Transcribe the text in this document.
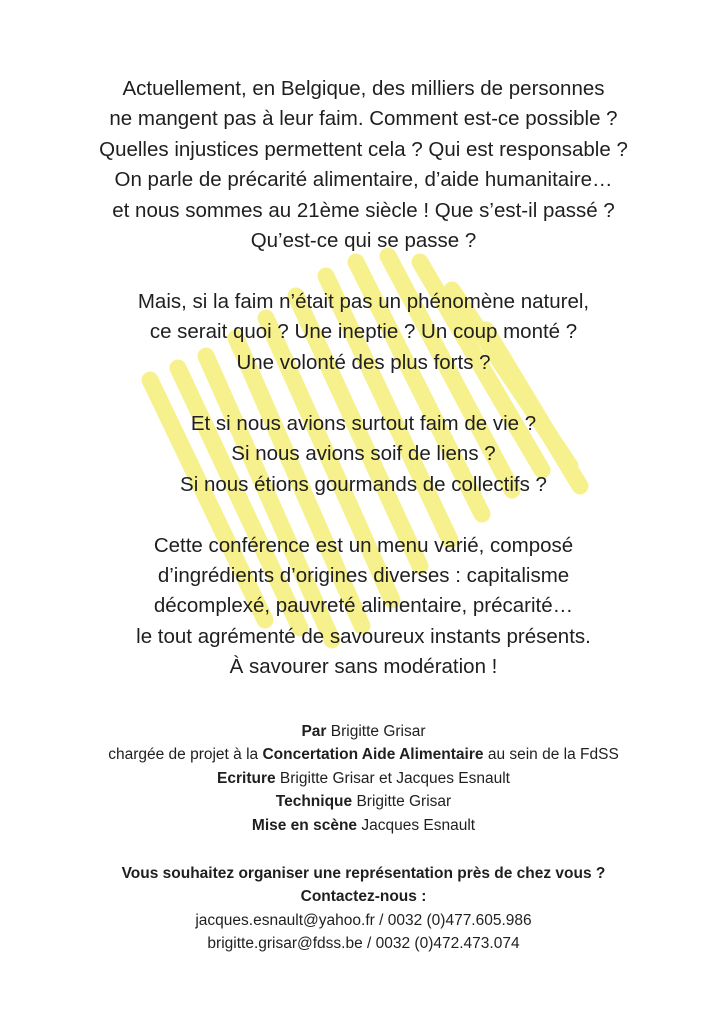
Actuellement, en Belgique, des milliers de personnes
ne mangent pas à leur faim. Comment est-ce possible ?
Quelles injustices permettent cela ? Qui est responsable ?
On parle de précarité alimentaire, d’aide humanitaire…
et nous sommes au 21ème siècle ! Que s’est-il passé ?
Qu’est-ce qui se passe ?
Mais, si la faim n’était pas un phénomène naturel,
ce serait quoi ? Une ineptie ? Un coup monté ?
Une volonté des plus forts ?
Et si nous avions surtout faim de vie ?
Si nous avions soif de liens ?
Si nous étions gourmands de collectifs ?
Cette conférence est un menu varié, composé
d’ingrédients d’origines diverses : capitalisme
décomplexé, pauvreté alimentaire, précarité…
le tout agrémenté de savoureux instants présents.
À savourer sans modération !
Par Brigitte Grisar
chargée de projet à la Concertation Aide Alimentaire au sein de la FdSS
Ecriture Brigitte Grisar et Jacques Esnault
Technique Brigitte Grisar
Mise en scène Jacques Esnault
Vous souhaitez organiser une représentation près de chez vous ?
Contactez-nous :
jacques.esnault@yahoo.fr / 0032 (0)477.605.986
brigitte.grisar@fdss.be / 0032 (0)472.473.074
